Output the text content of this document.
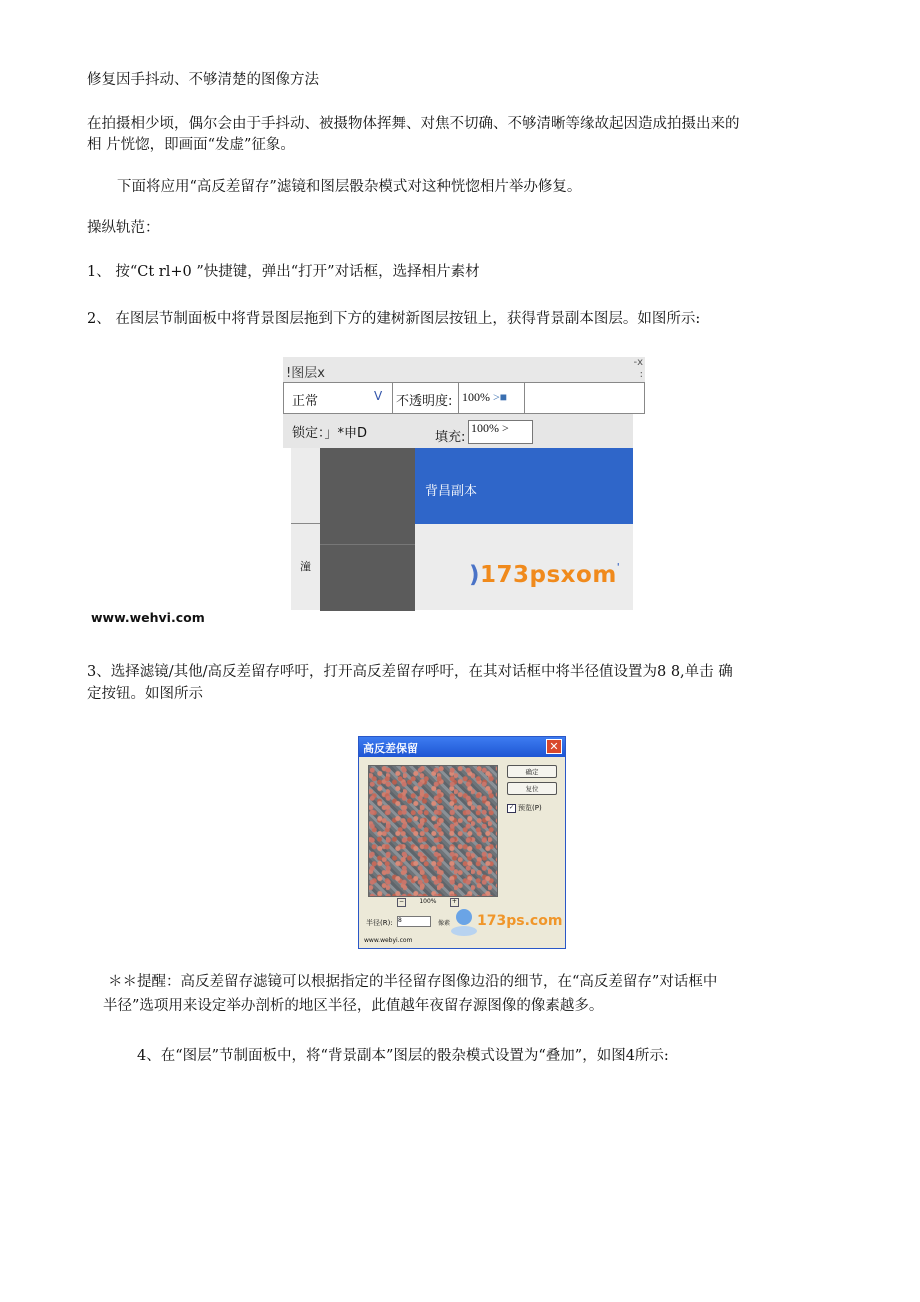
修复因手抖动、不够清楚的图像方法
在拍摄相少顷，偶尔会由于手抖动、被摄物体挥舞、对焦不切确、不够清晰等缘故起因造成拍摄出来的
相 片恍惚，即画面“发虚”征象。
下面将应用“高反差留存”滤镜和图层骰杂模式对这种恍惚相片举办修复。
操纵轨范：
1、 按“Ct rl+0 ”快捷键，弹出“打开”对话框，选择相片素材
2、 在图层节制面板中将背景图层拖到下方的建树新图层按钮上，获得背景副本图层。如图所示:
!图层x
-x
:
正常	V 不透明度: 100% >■
锁定：」*申D	填充:
100% >
潼
背昌副本
)173psxom'
www.wehvi.com
3、选择滤镜/其他/高反差留存呼吁，打开高反差留存呼吁，在其对话框中将半径值设置为8 8,单击 确
定按钮。如图所示
高反差保留	✕
确定
复位
✓ 预览(P)
−	100%	+
半径(R): 8	像素 173ps.com
www.webyi.com
＊＊提醒：高反差留存滤镜可以根据指定的半径留存图像边沿的细节，在“高反差留存”对话框中
半径”选项用来设定举办剖析的地区半径，此值越年夜留存源图像的像素越多。
4、在“图层”节制面板中，将“背景副本”图层的骰杂模式设置为“叠加”，如图4所示:
